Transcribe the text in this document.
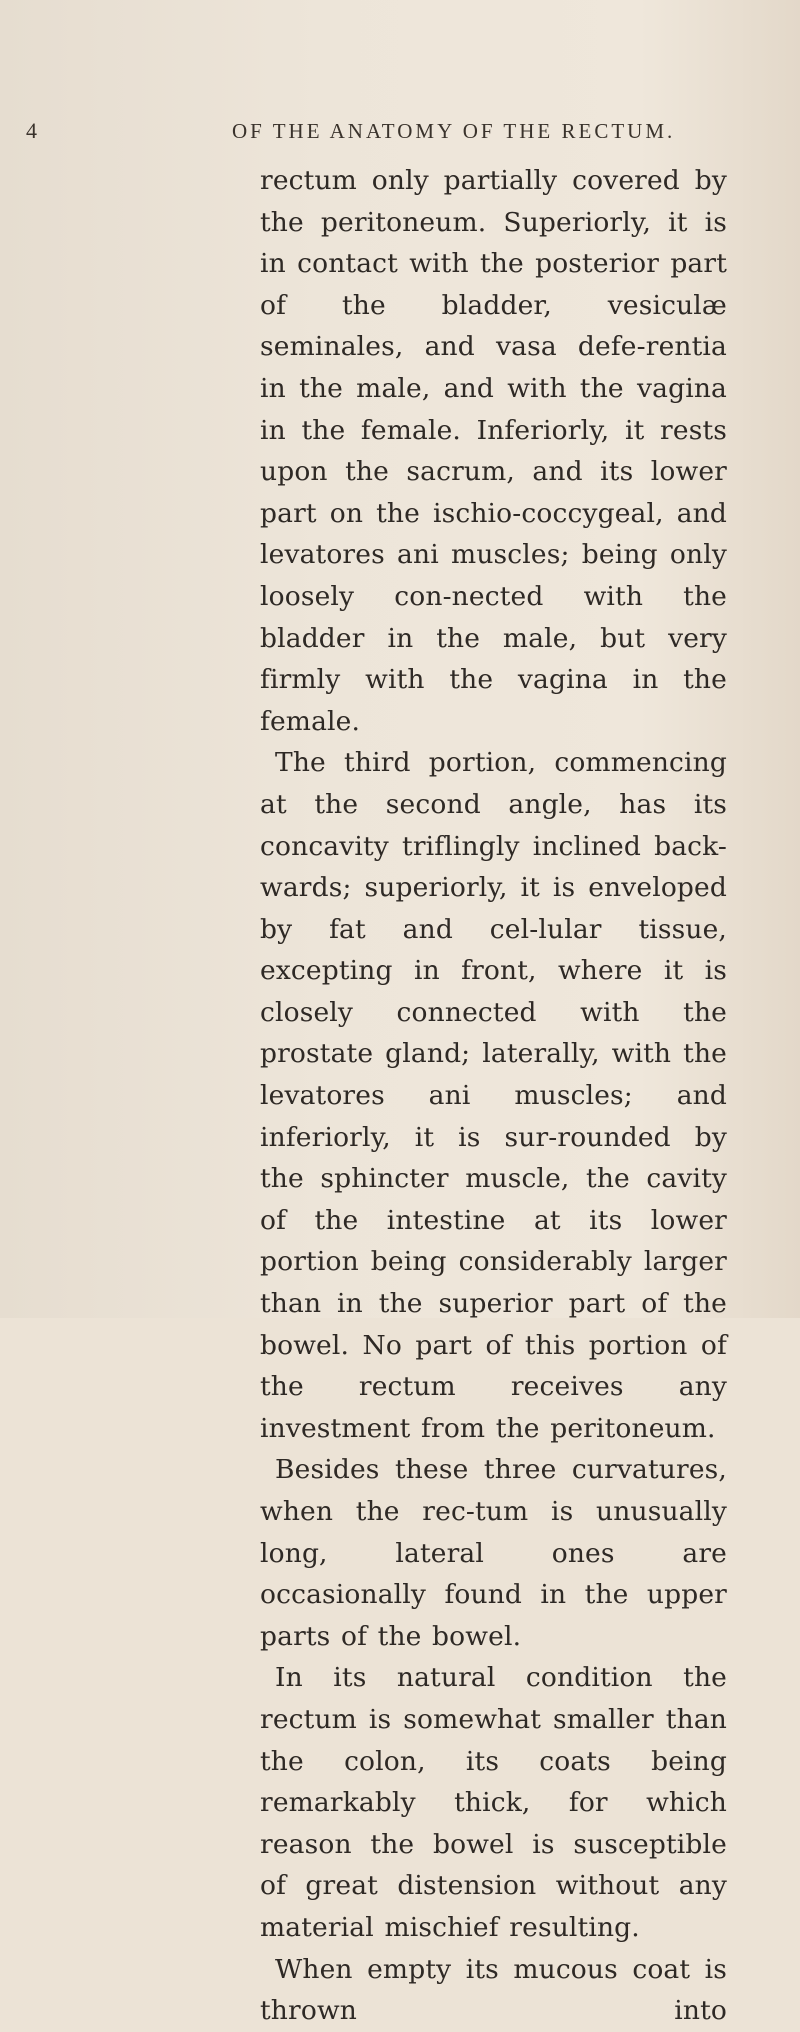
4	OF THE ANATOMY OF THE RECTUM.

rectum only partially covered by the peritoneum. Superiorly, it is in contact with the posterior part of the bladder, vesiculæ seminales, and vasa defe-rentia in the male, and with the vagina in the female. Inferiorly, it rests upon the sacrum, and its lower part on the ischio-coccygeal, and levatores ani muscles; being only loosely con-nected with the bladder in the male, but very firmly with the vagina in the female.

The third portion, commencing at the second angle, has its concavity triflingly inclined back-wards; superiorly, it is enveloped by fat and cel-lular tissue, excepting in front, where it is closely connected with the prostate gland; laterally, with the levatores ani muscles; and inferiorly, it is sur-rounded by the sphincter muscle, the cavity of the intestine at its lower portion being considerably larger than in the superior part of the bowel. No part of this portion of the rectum receives any investment from the peritoneum.

Besides these three curvatures, when the rec-tum is unusually long, lateral ones are occasionally found in the upper parts of the bowel.

In its natural condition the rectum is somewhat smaller than the colon, its coats being remarkably thick, for which reason the bowel is susceptible of great distension without any material mischief resulting.

When empty its mucous coat is thrown into
